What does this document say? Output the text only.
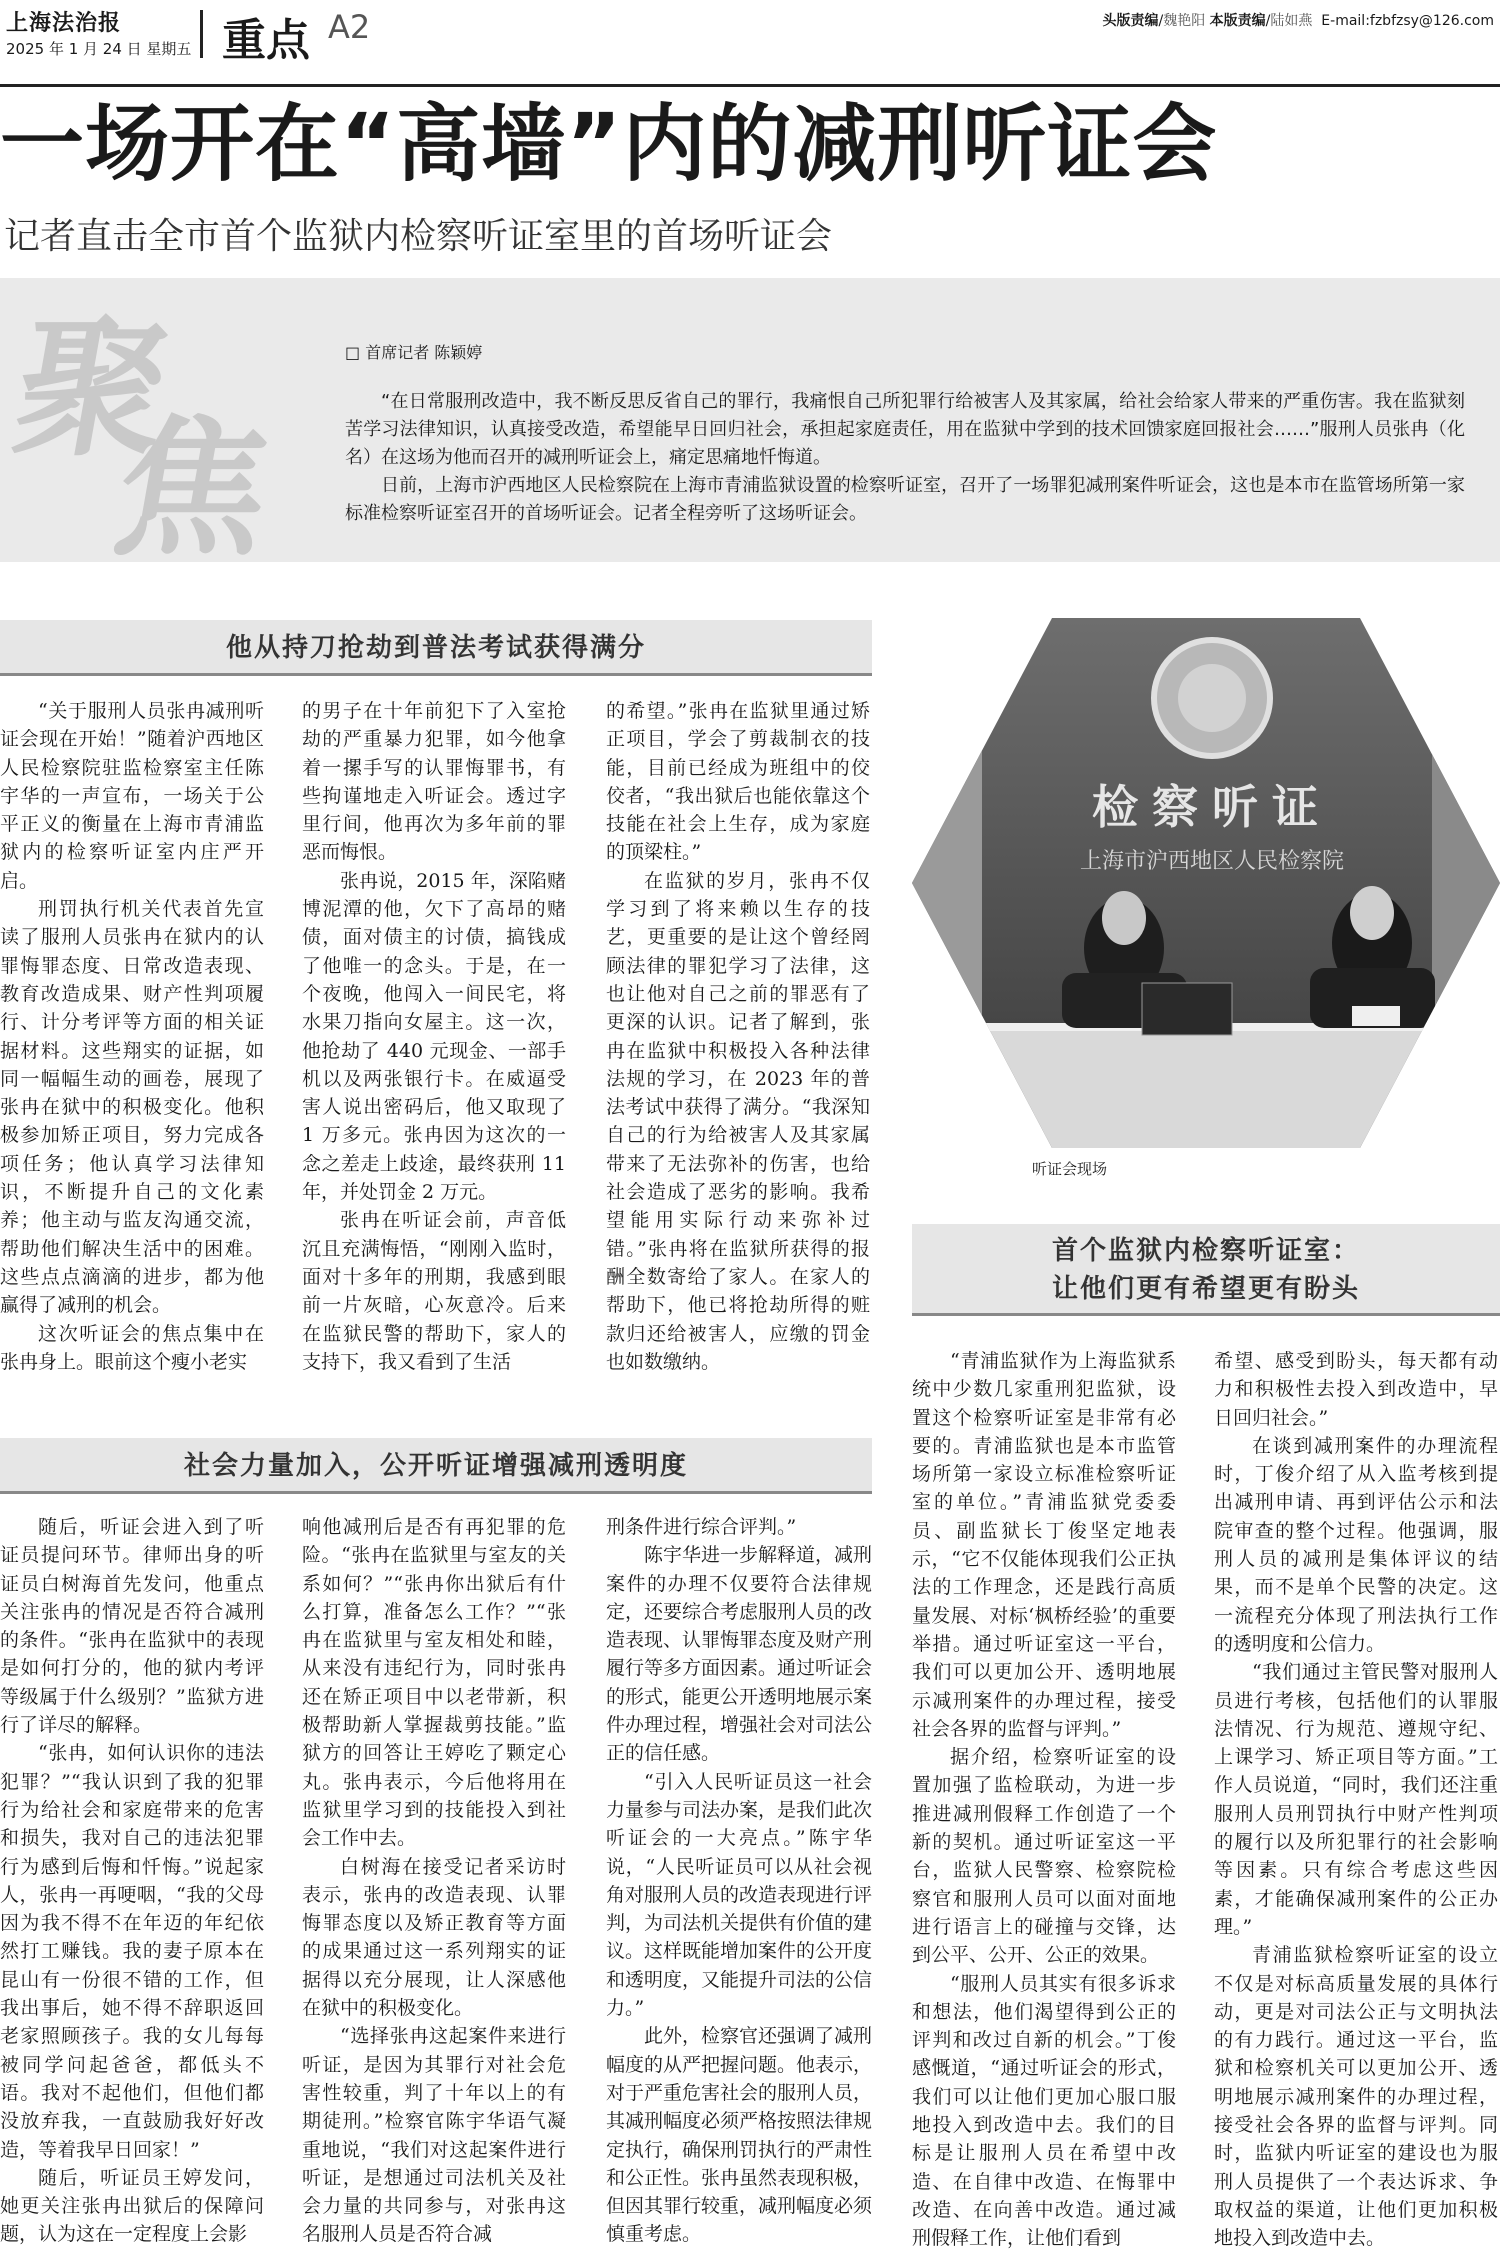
上海法治报
2025 年 1 月 24 日 星期五 重点 A2	头版责编/魏艳阳 本版责编/陆如燕 E-mail:fzbfzsy@126.com
一场开在“高墙”内的减刑听证会
记者直击全市首个监狱内检察听证室里的首场听证会
聚
焦
□ 首席记者 陈颖婷

“在日常服刑改造中，我不断反思反省自己的罪行，我痛恨自己所犯罪行给被害人及其家属，给社会给家人带来的严重伤害。我在监狱刻苦学习法律知识，认真接受改造，希望能早日回归社会，承担起家庭责任，用在监狱中学到的技术回馈家庭回报社会……”服刑人员张冉（化名）在这场为他而召开的减刑听证会上，痛定思痛地忏悔道。

日前，上海市沪西地区人民检察院在上海市青浦监狱设置的检察听证室，召开了一场罪犯减刑案件听证会，这也是本市在监管场所第一家标准检察听证室召开的首场听证会。记者全程旁听了这场听证会。

他从持刀抢劫到普法考试获得满分

“关于服刑人员张冉减刑听证会现在开始！”随着沪西地区人民检察院驻监检察室主任陈宇华的一声宣布，一场关于公平正义的衡量在上海市青浦监狱内的检察听证室内庄严开启。

刑罚执行机关代表首先宣读了服刑人员张冉在狱内的认罪悔罪态度、日常改造表现、教育改造成果、财产性判项履行、计分考评等方面的相关证据材料。这些翔实的证据，如同一幅幅生动的画卷，展现了张冉在狱中的积极变化。他积极参加矫正项目，努力完成各项任务；他认真学习法律知识，不断提升自己的文化素养；他主动与监友沟通交流，帮助他们解决生活中的困难。这些点点滴滴的进步，都为他赢得了减刑的机会。

这次听证会的焦点集中在张冉身上。眼前这个瘦小老实

的男子在十年前犯下了入室抢劫的严重暴力犯罪，如今他拿着一摞手写的认罪悔罪书，有些拘谨地走入听证会。透过字里行间，他再次为多年前的罪恶而悔恨。

张冉说，2015 年，深陷赌博泥潭的他，欠下了高昂的赌债，面对债主的讨债，搞钱成了他唯一的念头。于是，在一个夜晚，他闯入一间民宅，将水果刀指向女屋主。这一次，他抢劫了 440 元现金、一部手机以及两张银行卡。在威逼受害人说出密码后，他又取现了 1 万多元。张冉因为这次的一念之差走上歧途，最终获刑 11 年，并处罚金 2 万元。

张冉在听证会前，声音低沉且充满悔悟，“刚刚入监时，面对十多年的刑期，我感到眼前一片灰暗，心灰意冷。后来在监狱民警的帮助下，家人的支持下，我又看到了生活

的希望。”张冉在监狱里通过矫正项目，学会了剪裁制衣的技能，目前已经成为班组中的佼佼者，“我出狱后也能依靠这个技能在社会上生存，成为家庭的顶梁柱。”

在监狱的岁月，张冉不仅学习到了将来赖以生存的技艺，更重要的是让这个曾经罔顾法律的罪犯学习了法律，这也让他对自己之前的罪恶有了更深的认识。记者了解到，张冉在监狱中积极投入各种法律法规的学习，在 2023 年的普法考试中获得了满分。“我深知自己的行为给被害人及其家属带来了无法弥补的伤害，也给社会造成了恶劣的影响。我希望能用实际行动来弥补过错。”张冉将在监狱所获得的报酬全数寄给了家人。在家人的帮助下，他已将抢劫所得的赃款归还给被害人，应缴的罚金也如数缴纳。

检察听证
上海市沪西地区人民检察院
听证会现场
首个监狱内检察听证室：
让他们更有希望更有盼头

“青浦监狱作为上海监狱系统中少数几家重刑犯监狱，设置这个检察听证室是非常有必要的。青浦监狱也是本市监管场所第一家设立标准检察听证室的单位。”青浦监狱党委委员、副监狱长丁俊坚定地表示，“它不仅能体现我们公正执法的工作理念，还是践行高质量发展、对标‘枫桥经验’的重要举措。通过听证室这一平台，我们可以更加公开、透明地展示减刑案件的办理过程，接受社会各界的监督与评判。”

据介绍，检察听证室的设置加强了监检联动，为进一步推进减刑假释工作创造了一个新的契机。通过听证室这一平台，监狱人民警察、检察院检察官和服刑人员可以面对面地进行语言上的碰撞与交锋，达到公平、公开、公正的效果。

“服刑人员其实有很多诉求和想法，他们渴望得到公正的评判和改过自新的机会。”丁俊感慨道，“通过听证会的形式，我们可以让他们更加心服口服地投入到改造中去。我们的目标是让服刑人员在希望中改造、在自律中改造、在悔罪中改造、在向善中改造。通过减刑假释工作，让他们看到

希望、感受到盼头，每天都有动力和积极性去投入到改造中，早日回归社会。”

在谈到减刑案件的办理流程时，丁俊介绍了从入监考核到提出减刑申请、再到评估公示和法院审查的整个过程。他强调，服刑人员的减刑是集体评议的结果，而不是单个民警的决定。这一流程充分体现了刑法执行工作的透明度和公信力。

“我们通过主管民警对服刑人员进行考核，包括他们的认罪服法情况、行为规范、遵规守纪、上课学习、矫正项目等方面。”工作人员说道，“同时，我们还注重服刑人员刑罚执行中财产性判项的履行以及所犯罪行的社会影响等因素。只有综合考虑这些因素，才能确保减刑案件的公正办理。”

青浦监狱检察听证室的设立不仅是对标高质量发展的具体行动，更是对司法公正与文明执法的有力践行。通过这一平台，监狱和检察机关可以更加公开、透明地展示减刑案件的办理过程，接受社会各界的监督与评判。同时，监狱内听证室的建设也为服刑人员提供了一个表达诉求、争取权益的渠道，让他们更加积极地投入到改造中去。

社会力量加入，公开听证增强减刑透明度

随后，听证会进入到了听证员提问环节。律师出身的听证员白树海首先发问，他重点关注张冉的情况是否符合减刑的条件。“张冉在监狱中的表现是如何打分的，他的狱内考评等级属于什么级别？”监狱方进行了详尽的解释。

“张冉，如何认识你的违法犯罪？”“我认识到了我的犯罪行为给社会和家庭带来的危害和损失，我对自己的违法犯罪行为感到后悔和忏悔。”说起家人，张冉一再哽咽，“我的父母因为我不得不在年迈的年纪依然打工赚钱。我的妻子原本在昆山有一份很不错的工作，但我出事后，她不得不辞职返回老家照顾孩子。我的女儿每每被同学问起爸爸，都低头不语。我对不起他们，但他们都没放弃我，一直鼓励我好好改造，等着我早日回家！”

随后，听证员王婷发问，她更关注张冉出狱后的保障问题，认为这在一定程度上会影

响他减刑后是否有再犯罪的危险。“张冉在监狱里与室友的关系如何？”“张冉你出狱后有什么打算，准备怎么工作？”“张冉在监狱里与室友相处和睦，从来没有违纪行为，同时张冉还在矫正项目中以老带新，积极帮助新人掌握裁剪技能。”监狱方的回答让王婷吃了颗定心丸。张冉表示，今后他将用在监狱里学习到的技能投入到社会工作中去。

白树海在接受记者采访时表示，张冉的改造表现、认罪悔罪态度以及矫正教育等方面的成果通过这一系列翔实的证据得以充分展现，让人深感他在狱中的积极变化。

“选择张冉这起案件来进行听证，是因为其罪行对社会危害性较重，判了十年以上的有期徒刑。”检察官陈宇华语气凝重地说，“我们对这起案件进行听证，是想通过司法机关及社会力量的共同参与，对张冉这名服刑人员是否符合减

刑条件进行综合评判。”

陈宇华进一步解释道，减刑案件的办理不仅要符合法律规定，还要综合考虑服刑人员的改造表现、认罪悔罪态度及财产刑履行等多方面因素。通过听证会的形式，能更公开透明地展示案件办理过程，增强社会对司法公正的信任感。

“引入人民听证员这一社会力量参与司法办案，是我们此次听证会的一大亮点。”陈宇华说，“人民听证员可以从社会视角对服刑人员的改造表现进行评判，为司法机关提供有价值的建议。这样既能增加案件的公开度和透明度，又能提升司法的公信力。”

此外，检察官还强调了减刑幅度的从严把握问题。他表示，对于严重危害社会的服刑人员，其减刑幅度必须严格按照法律规定执行，确保刑罚执行的严肃性和公正性。张冉虽然表现积极，但因其罪行较重，减刑幅度必须慎重考虑。
